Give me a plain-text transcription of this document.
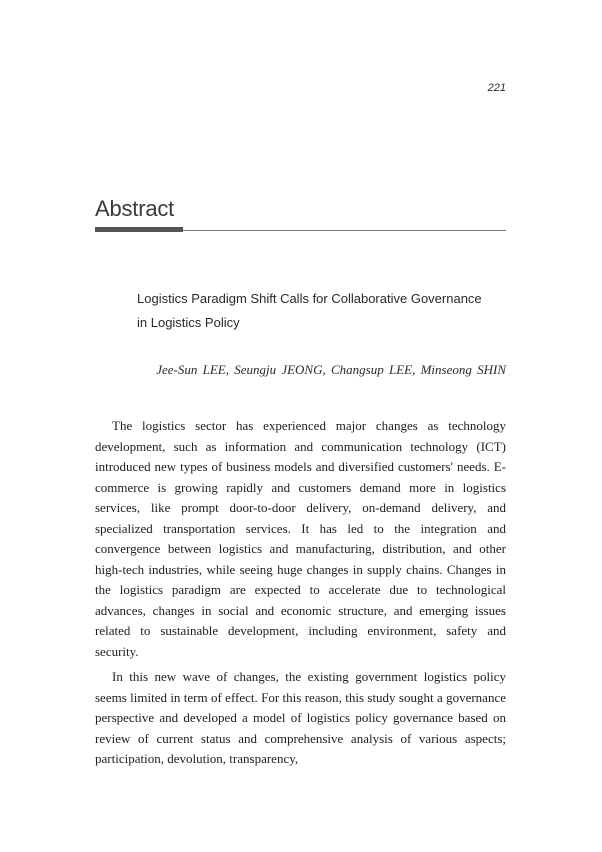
221
Abstract
Logistics Paradigm Shift Calls for Collaborative Governance
in Logistics Policy
Jee-Sun LEE, Seungju JEONG, Changsup LEE, Minseong SHIN

The logistics sector has experienced major changes as technology development, such as information and communication technology (ICT) introduced new types of business models and diversified customers' needs. E-commerce is growing rapidly and customers demand more in logistics services, like prompt door-to-door delivery, on-demand delivery, and specialized transportation services. It has led to the integration and convergence between logistics and manufacturing, distribution, and other high-tech industries, while seeing huge changes in supply chains. Changes in the logistics paradigm are expected to accelerate due to technological advances, changes in social and economic structure, and emerging issues related to sustainable development, including environment, safety and security.

In this new wave of changes, the existing government logistics policy seems limited in term of effect. For this reason, this study sought a governance perspective and developed a model of logistics policy governance based on review of current status and comprehensive analysis of various aspects; participation, devolution, transparency,
